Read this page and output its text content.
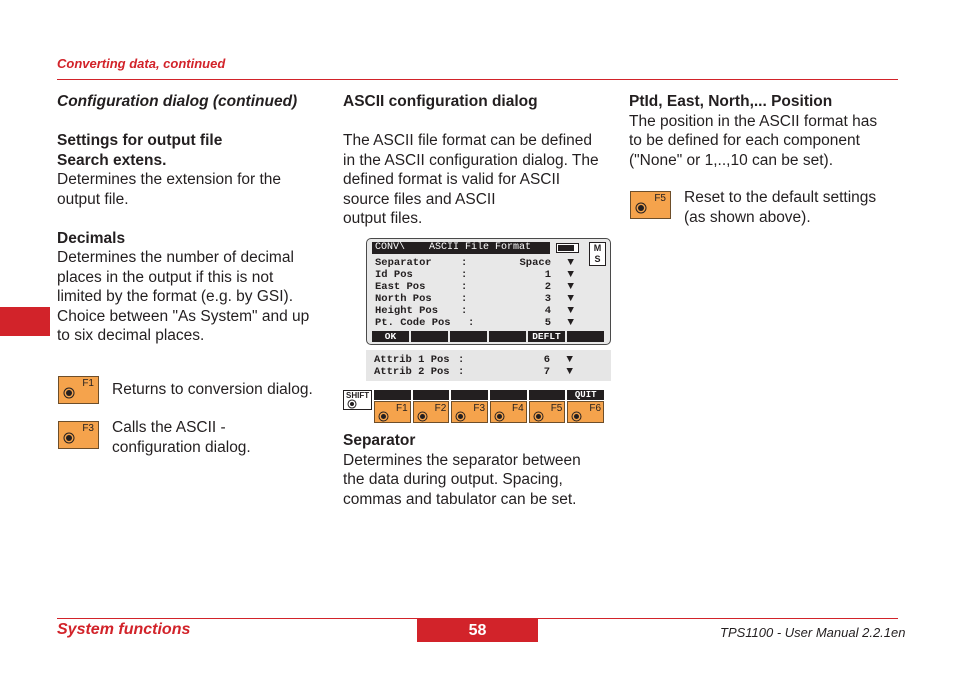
Converting data, continued

Configuration dialog (continued)

Settings for output file

Search extens.

Determines the extension for the

output file.

Decimals

Determines the number of decimal

places in the output if this is not

limited by the format (e.g. by GSI).

Choice between "As System" and up

to six decimal places.

F1 Returns to conversion dialog.
F3 Calls the ASCII -
configuration dialog.

ASCII configuration dialog

The ASCII file format can be defined

in the ASCII configuration dialog. The

defined format is valid for ASCII

source files and ASCII

output files.

CONV\    ASCII File Format	M
S
Separator	:	Space ▼
Id Pos	:	1 ▼
East Pos	:	2 ▼
North Pos	:	3 ▼
Height Pos :	4 ▼
Pt. Code Pos :	5 ▼
OK	DEFLT
Attrib 1 Pos :	6 ▼
Attrib 2 Pos :	7 ▼
SHIFT	QUIT
F1	F2	F3	F4	F5	F6

Separator

Determines the separator between

the data during output. Spacing,

commas and tabulator can be set.

PtId, East, North,... Position

The position in the ASCII format has

to be defined for each component

("None" or 1,..,10 can be set).

F5 Reset to the default settings
(as shown above).
System functions	58	TPS1100 - User Manual 2.2.1en
